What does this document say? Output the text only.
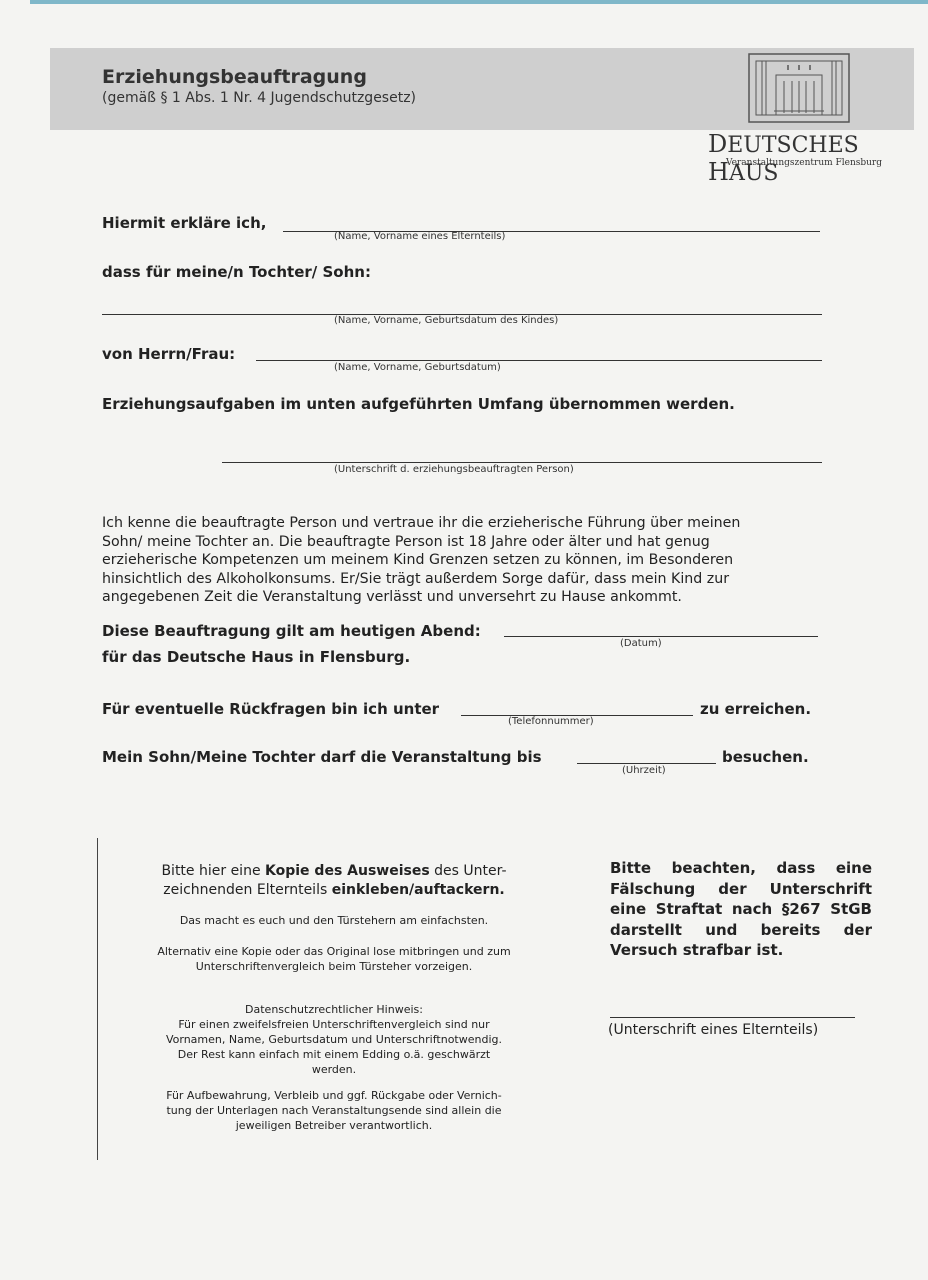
Erziehungsbeauftragung
(gemäß § 1 Abs. 1 Nr. 4 Jugendschutzgesetz)
DEUTSCHES HAUS
Veranstaltungszentrum Flensburg
Hiermit erkläre ich,
(Name, Vorname eines Elternteils)
dass für meine/n Tochter/ Sohn:
(Name, Vorname, Geburtsdatum des Kindes)
von Herrn/Frau:
(Name, Vorname, Geburtsdatum)
Erziehungsaufgaben im unten aufgeführten Umfang übernommen werden.
(Unterschrift d. erziehungsbeauftragten Person)
Ich kenne die beauftragte Person und vertraue ihr die erzieherische Führung über meinen
Sohn/ meine Tochter an. Die beauftragte Person ist 18 Jahre oder älter und hat genug
erzieherische Kompetenzen um meinem Kind Grenzen setzen zu können, im Besonderen
hinsichtlich des Alkoholkonsums. Er/Sie trägt außerdem Sorge dafür, dass mein Kind zur
angegebenen Zeit die Veranstaltung verlässt und unversehrt zu Hause ankommt.
Diese Beauftragung gilt am heutigen Abend:
(Datum)
für das Deutsche Haus in Flensburg.
Für eventuelle Rückfragen bin ich unter
(Telefonnummer)
zu erreichen.
Mein Sohn/Meine Tochter darf die Veranstaltung bis
(Uhrzeit)
besuchen.
Bitte hier eine Kopie des Ausweises des Unter-
zeichnenden Elternteils einkleben/auftackern.
Das macht es euch und den Türstehern am einfachsten.
Alternativ eine Kopie oder das Original lose mitbringen und zum
Unterschriftenvergleich beim Türsteher vorzeigen.
Datenschutzrechtlicher Hinweis:
Für einen zweifelsfreien Unterschriftenvergleich sind nur
Vornamen, Name, Geburtsdatum und Unterschriftnotwendig.
Der Rest kann einfach mit einem Edding o.ä. geschwärzt
werden.
Für Aufbewahrung, Verbleib und ggf. Rückgabe oder Vernich-
tung der Unterlagen nach Veranstaltungsende sind allein die
jeweiligen Betreiber verantwortlich.
Bitte beachten, dass eine Fälschung der Unterschrift eine Straftat nach §267 StGB darstellt und bereits der Versuch strafbar ist.
(Unterschrift eines Elternteils)
